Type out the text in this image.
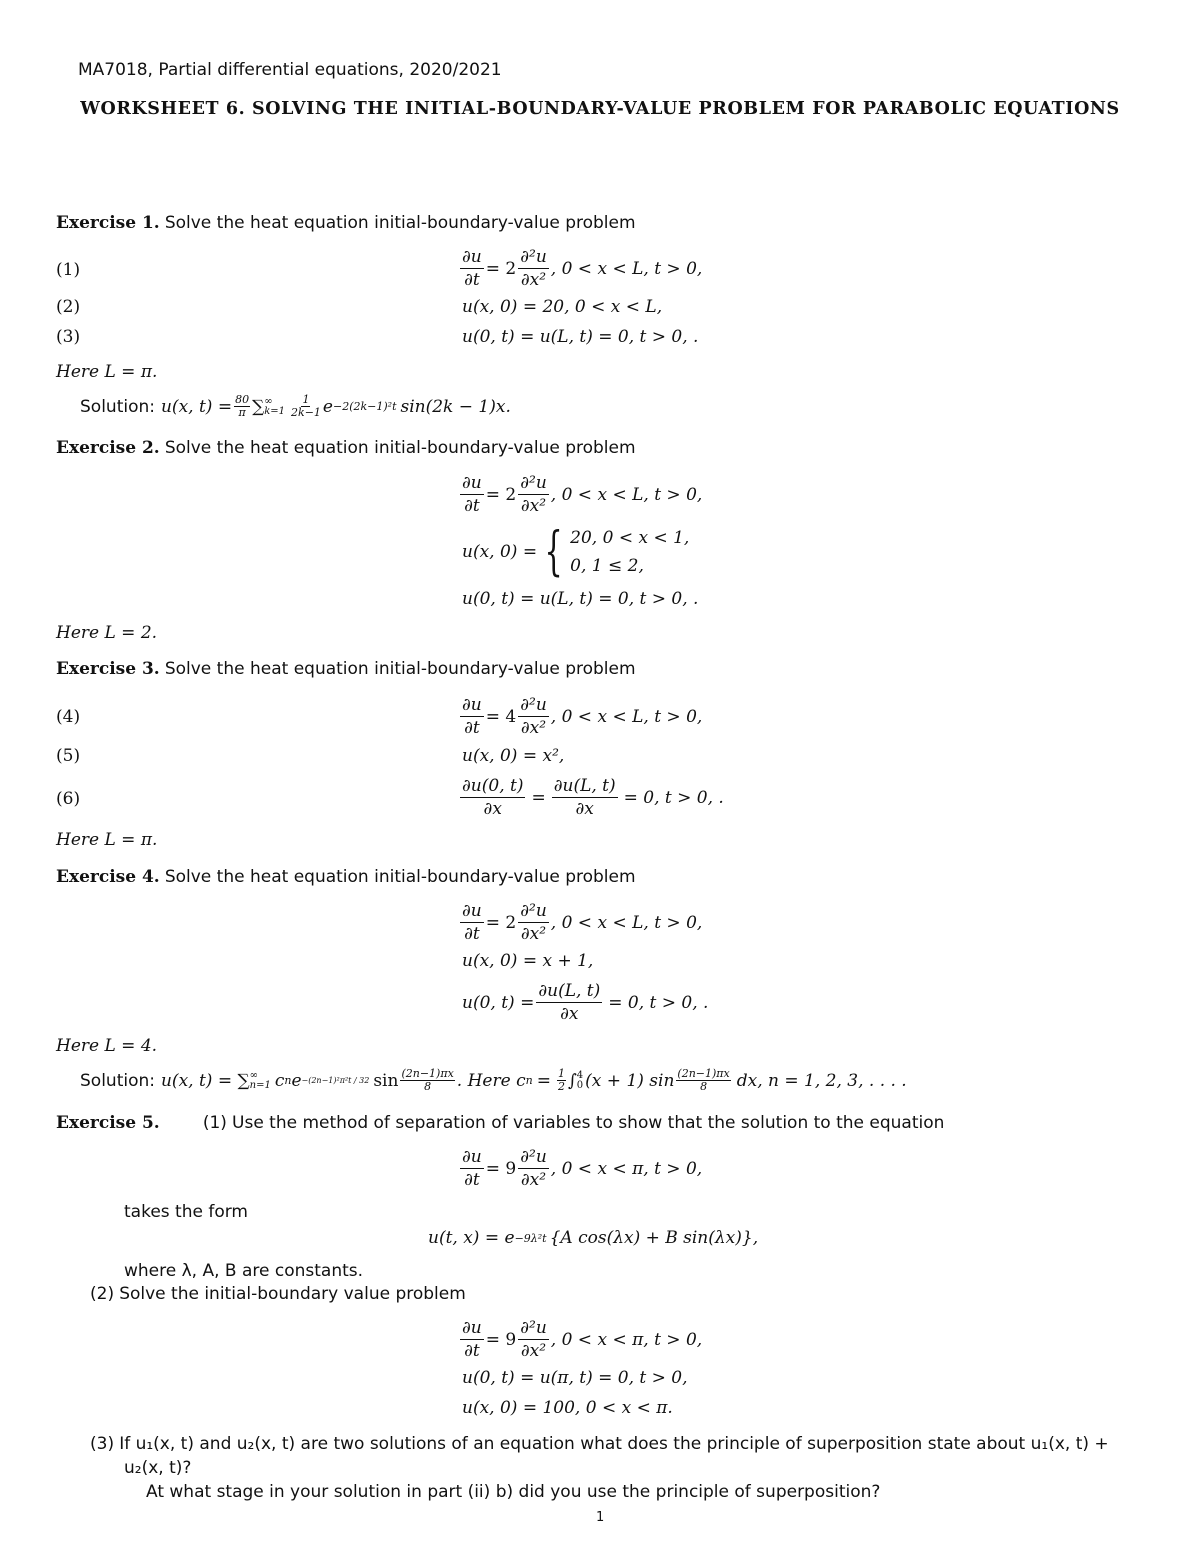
MA7018, Partial differential equations, 2020/2021
WORKSHEET 6. SOLVING THE INITIAL-BOUNDARY-VALUE PROBLEM FOR PARABOLIC EQUATIONS
Exercise 1. Solve the heat equation initial-boundary-value problem
(1)	$\frac{\partial u}{\partial t} = 2 \frac{\text{∂²u}}{\text{∂x²}}$ , 0 < x < L, t > 0,
(2)	u(x, 0) = 20, 0 < x < L,
(3)	u(0, t) = u(L, t) = 0, t > 0, .
Here L = π.
Solution: u(x, $t) = \frac{80}{\pi}$ ∑ ∞
$k=1 \frac{1}{2k-1}$ e −2(2k−1)²t sin(2k − 1)x.
Exercise 2. Solve the heat equation initial-boundary-value problem
$\frac{\partial u}{\partial t} = 2 \frac{\text{∂²u}}{\text{∂x²}}$ , 0 < x < L, t > 0,
u(x, 0) = { 20, 0 < x < 1,
0, 1 ≤ 2,
u(0, t) = u(L, t) = 0, t > 0, .
Here L = 2.
Exercise 3. Solve the heat equation initial-boundary-value problem
(4)	$\frac{\partial u}{\partial t} = 4 \frac{\text{∂²u}}{\text{∂x²}}$ , 0 < x < L, t > 0,
(5)	u(x, 0) = x²,
(6)	$\frac{\partial u(0, t)}{\partial x} = \frac{\partial u(L, t)}{\partial x} = 0$, t > 0, .
Here L = π.
Exercise 4. Solve the heat equation initial-boundary-value problem
$\frac{\partial u}{\partial t} = 2 \frac{\text{∂²u}}{\text{∂x²}}$ , 0 < x < L, t > 0,
u(x, 0) = x + 1,
u(0, $t) = \frac{\partial u(L, t)}{\partial x} = 0$, t > 0, .
Here L = 4.
Solution: u(x, t) = ∑ ∞
n=1 c n e −(2n−1)²π²t / 32 $\sin \frac{(2n-1)\pi x}{8}$ . Here c $n = \frac{1}{2}$ ∫ 4
0 (x + 1) $\sin \frac{(2n-1)\pi x}{8}$ dx, n = 1, 2, 3, . . . .
Exercise 5.	(1) Use the method of separation of variables to show that the solution to the equation
$\frac{\partial u}{\partial t} = 9 \frac{\text{∂²u}}{\text{∂x²}}$ , 0 < x < π, t > 0,
takes the form
u(t, x) = e −9λ²t {A cos(λx) + B sin(λx)},
where λ, A, B are constants.
(2) Solve the initial-boundary value problem
$\frac{\partial u}{\partial t} = 9 \frac{\text{∂²u}}{\text{∂x²}}$ , 0 < x < π, t > 0,
u(0, t) = u(π, t) = 0, t > 0,
u(x, 0) = 100, 0 < x < π.
(3) If u₁(x, t) and u₂(x, t) are two solutions of an equation what does the principle of superposition state about u₁(x, t) +
u₂(x, t)?
At what stage in your solution in part (ii) b) did you use the principle of superposition?
1
